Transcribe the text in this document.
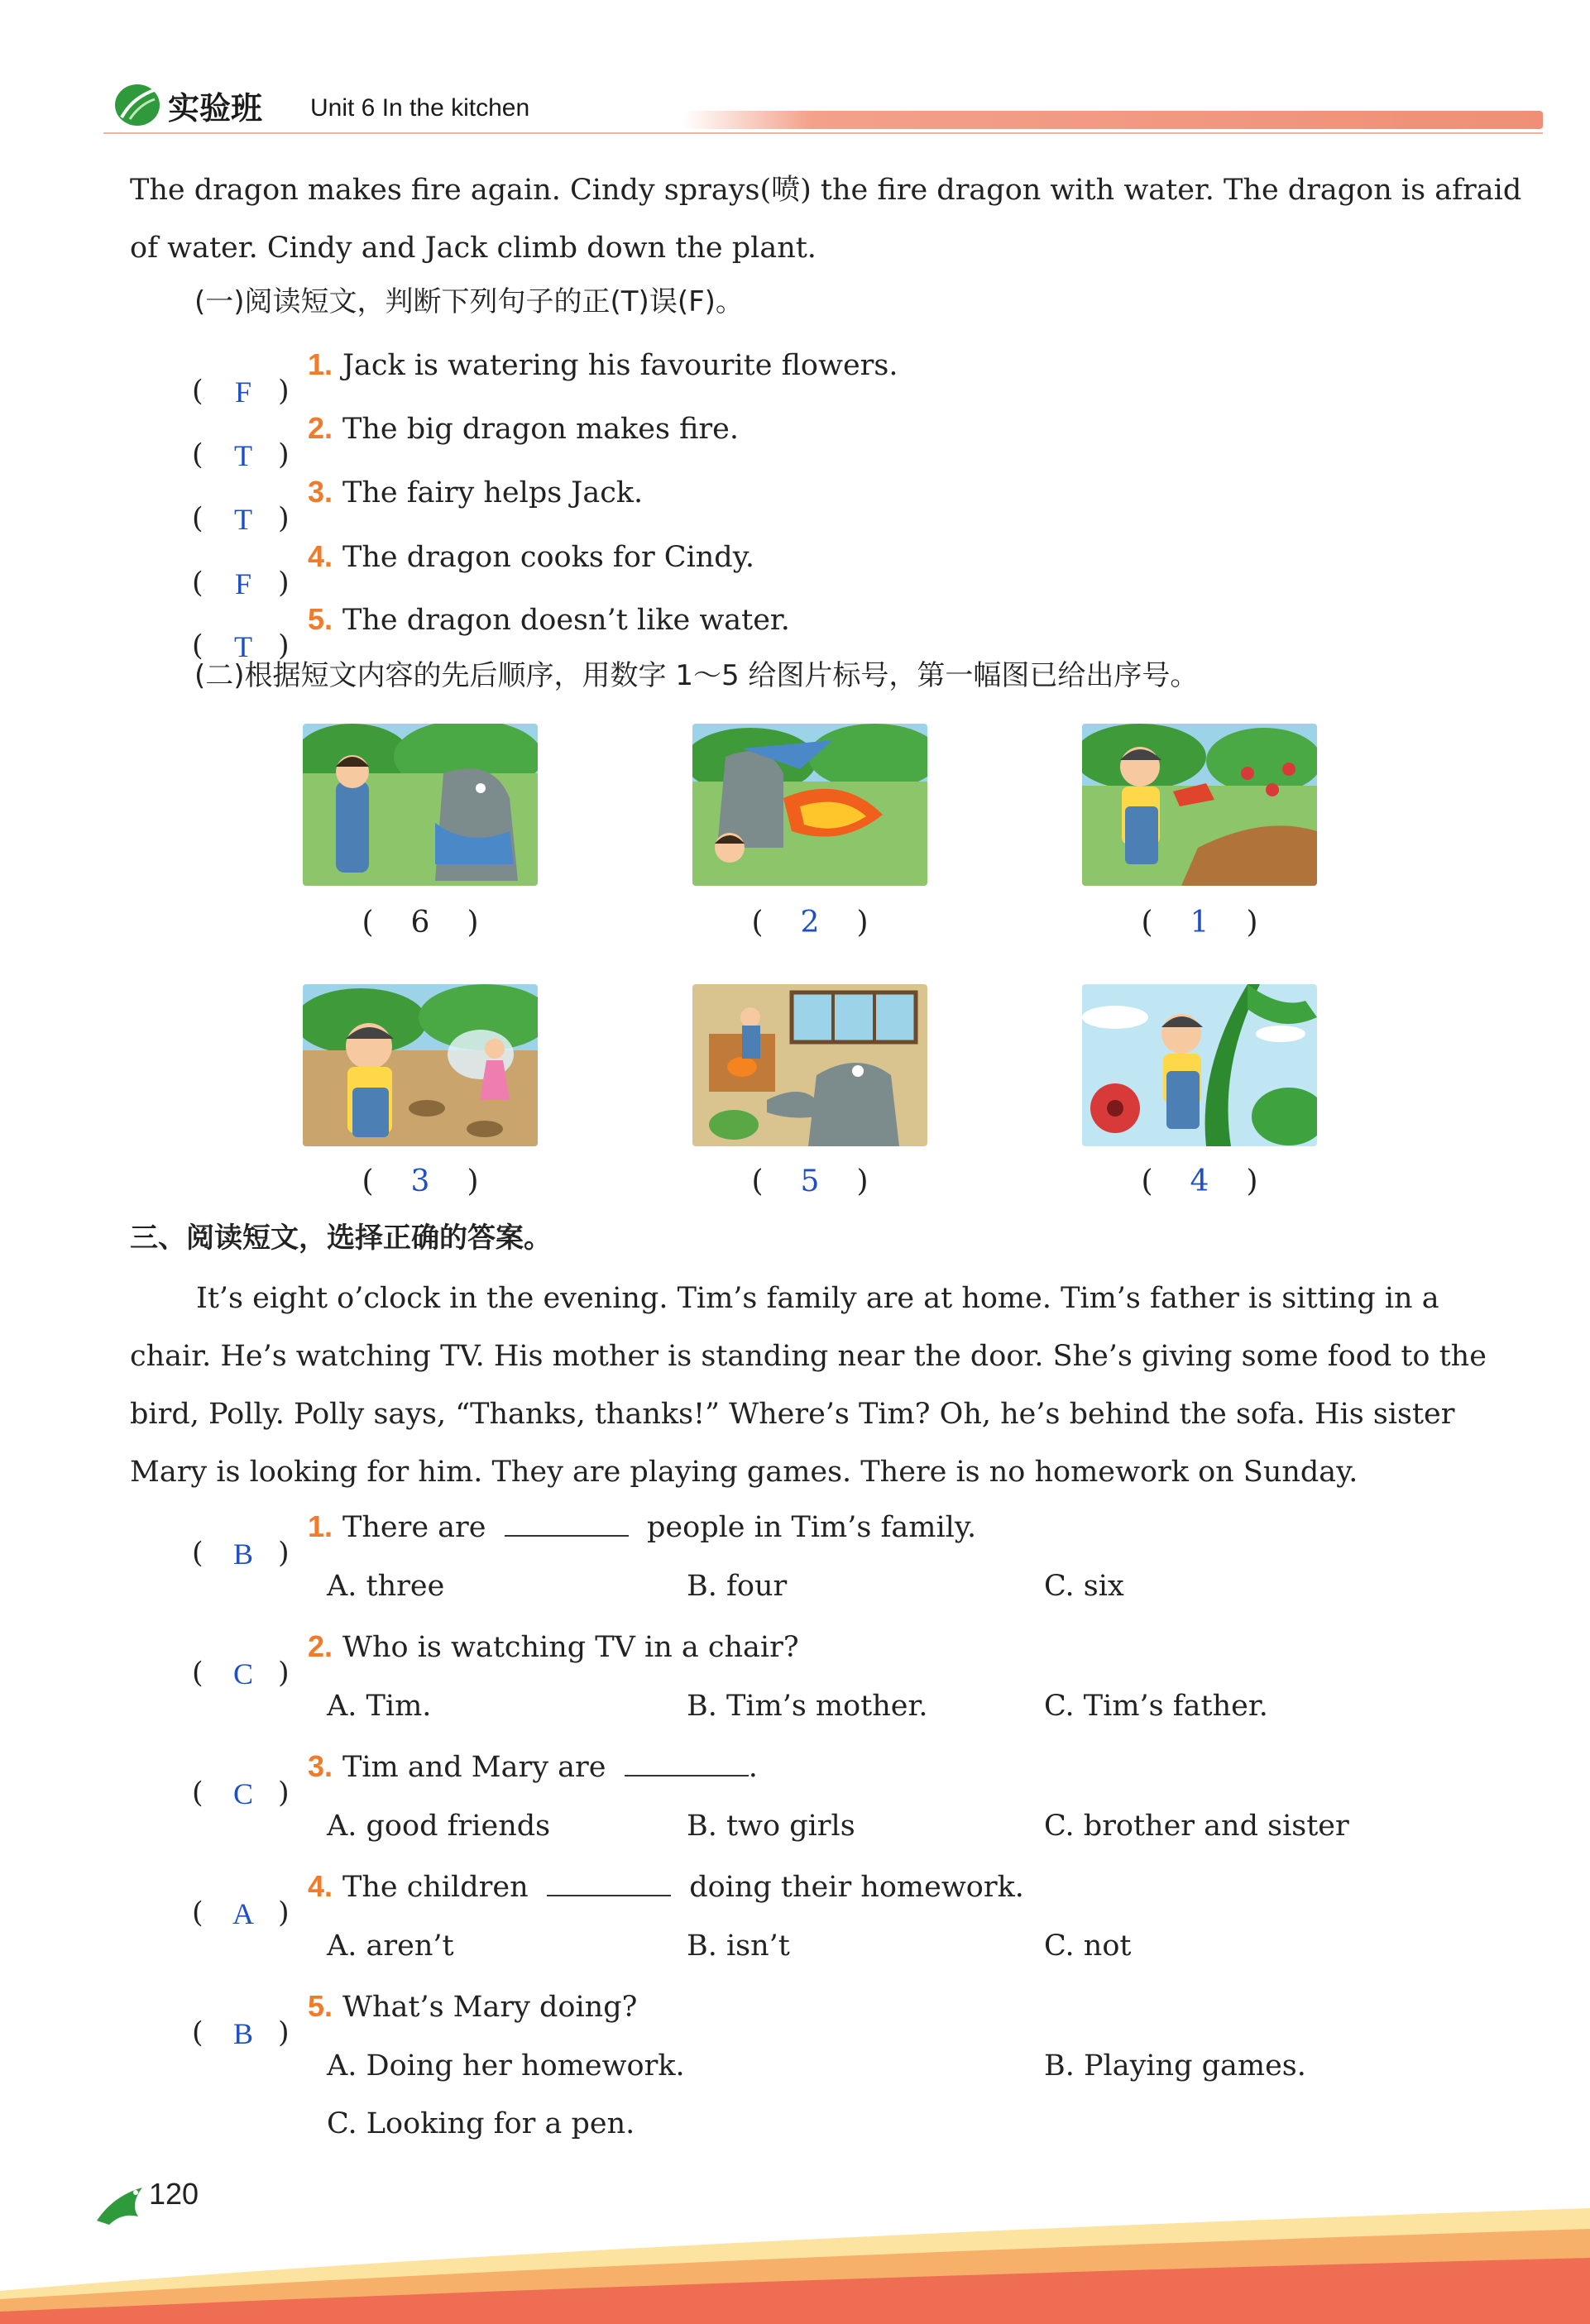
实验班 Unit 6 In the kitchen
The dragon makes fire again. Cindy sprays(喷) the fire dragon with water. The dragon is afraid
of water. Cindy and Jack climb down the plant.
(一)阅读短文，判断下列句子的正(T)误(F)。
( F )
1. Jack is watering his favourite flowers.
( T )
2. The big dragon makes fire.
( T )
3. The fairy helps Jack.
( F )
4. The dragon cooks for Cindy.
( T )
5. The dragon doesn’t like water.
(二)根据短文内容的先后顺序，用数字 1～5 给图片标号，第一幅图已给出序号。
( 6 )	( 2 )	( 1 )
( 3 )	( 5 )	( 4 )
三、阅读短文，选择正确的答案。
It’s eight o’clock in the evening. Tim’s family are at home. Tim’s father is sitting in a
chair. He’s watching TV. His mother is standing near the door. She’s giving some food to the
bird, Polly. Polly says, “Thanks, thanks!” Where’s Tim? Oh, he’s behind the sofa. His sister
Mary is looking for him. They are playing games. There is no homework on Sunday.
( B )
1. There are	people in Tim’s family.
A. three	B. four	C. six
( C )
2. Who is watching TV in a chair?
A. Tim.	B. Tim’s mother.	C. Tim’s father.
( C )
3. Tim and Mary are	.
A. good friends	B. two girls	C. brother and sister
( A )
4. The children	doing their homework.
A. aren’t	B. isn’t	C. not
( B )
5. What’s Mary doing?
A. Doing her homework.	B. Playing games.
C. Looking for a pen.
120
